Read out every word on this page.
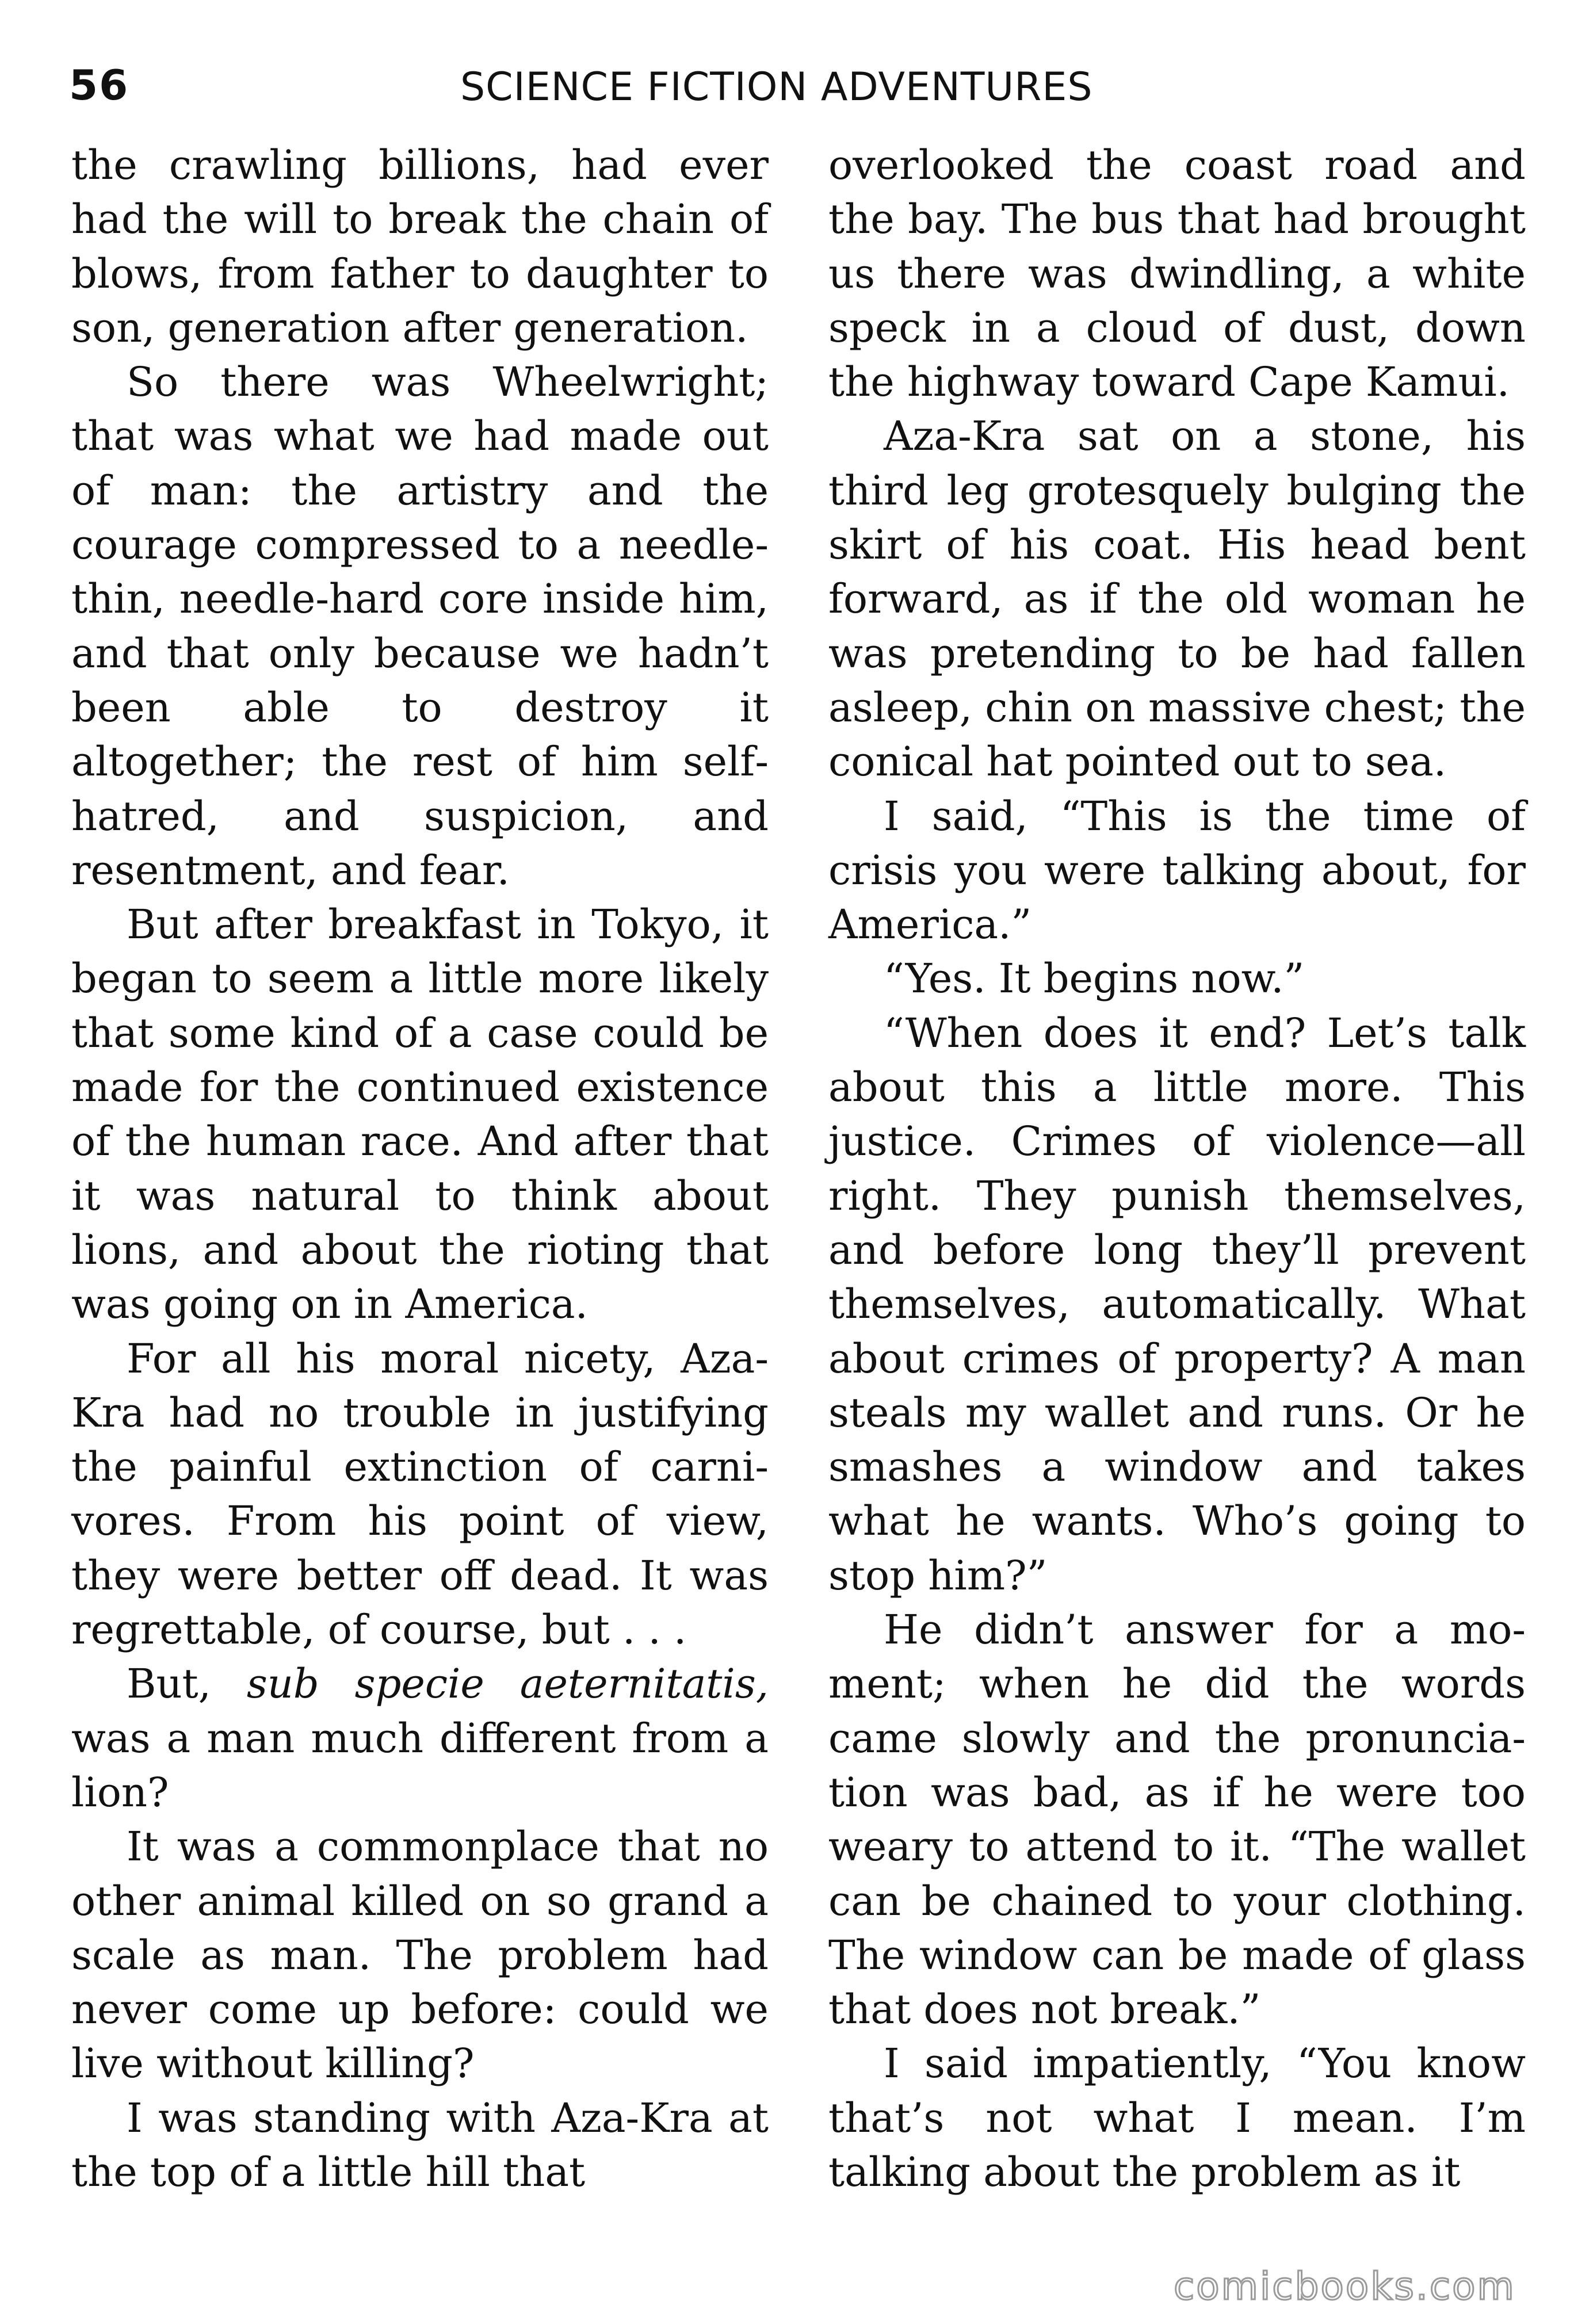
56	SCIENCE FICTION ADVENTURES

the crawling billions, had ever had the will to break the chain of blows, from father to daughter to son, generation after generation.

So there was Wheelwright; that was what we had made out of man: the artistry and the courage compressed to a needlethin, needle-hard core inside him, and that only because we hadn’t been able to destroy it altogether; the rest of him selfhatred, and suspicion, and resentment, and fear.

But after breakfast in Tokyo, it began to seem a little more likely that some kind of a case could be made for the continued existence of the human race. And after that it was natural to think about lions, and about the rioting that was going on in America.

For all his moral nicety, Aza-Kra had no trouble in justifying the painful extinction of carnivores. From his point of view, they were better off dead. It was regrettable, of course, but . . .

But, sub specie aeternitatis, was a man much different from a lion?

It was a commonplace that no other animal killed on so grand a scale as man. The problem had never come up before: could we live without killing?

I was standing with Aza-Kra at the top of a little hill that

overlooked the coast road and the bay. The bus that had brought us there was dwindling, a white speck in a cloud of dust, down the highway toward Cape Kamui.

Aza-Kra sat on a stone, his third leg grotesquely bulging the skirt of his coat. His head bent forward, as if the old woman he was pretending to be had fallen asleep, chin on massive chest; the conical hat pointed out to sea.

I said, “This is the time of crisis you were talking about, for America.”

“Yes. It begins now.”

“When does it end? Let’s talk about this a little more. This justice. Crimes of violence—all right. They punish themselves, and before long they’ll prevent themselves, automatically. What about crimes of property? A man steals my wallet and runs. Or he smashes a window and takes what he wants. Who’s going to stop him?”

He didn’t answer for a moment; when he did the words came slowly and the pronunciation was bad, as if he were too weary to attend to it. “The wallet can be chained to your clothing. The window can be made of glass that does not break.”

I said impatiently, “You know that’s not what I mean. I’m talking about the problem as it

comicbooks.com
